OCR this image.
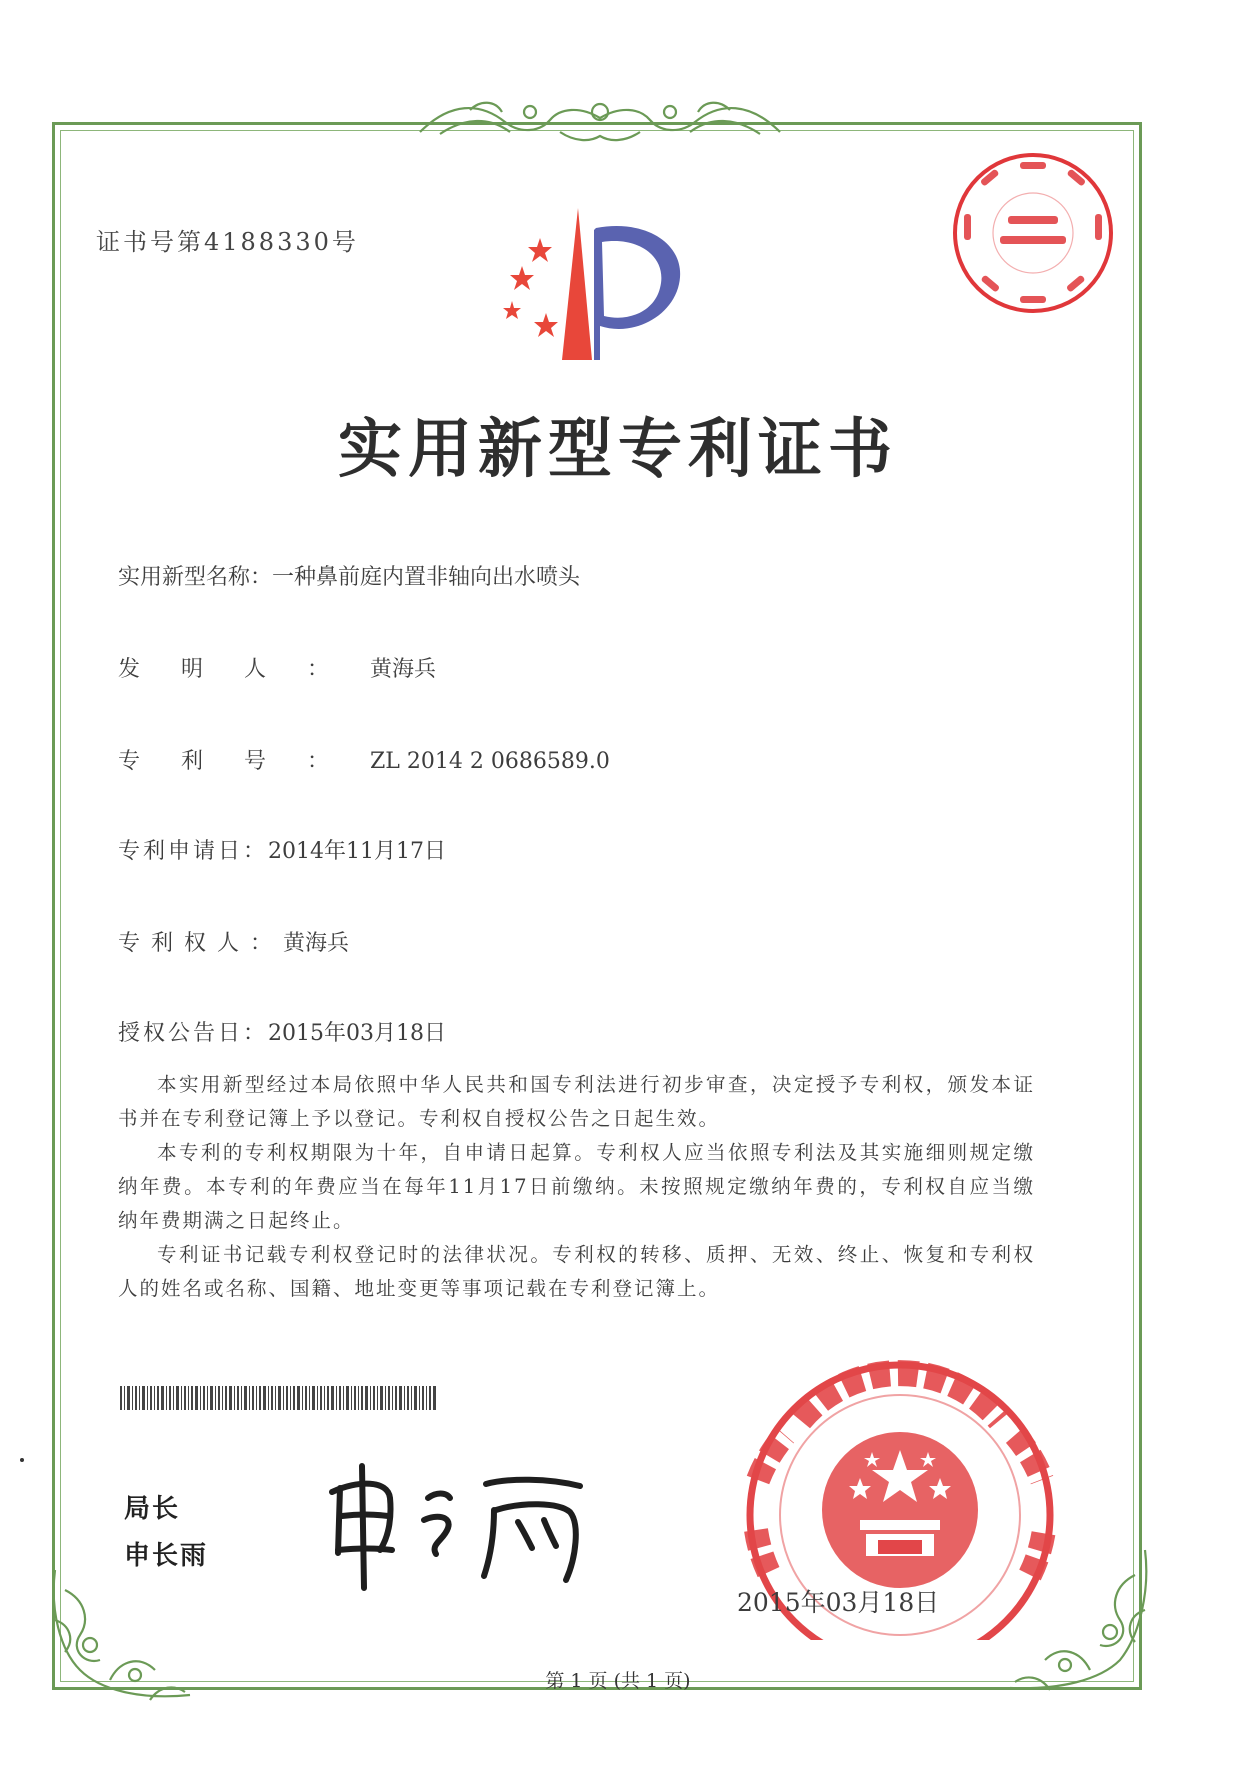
证书号第4188330号
实用新型专利证书
实用新型名称：一种鼻前庭内置非轴向出水喷头
发明人：黄海兵
专利号：ZL 2014 2 0686589.0
专利申请日：2014年11月17日
专利权人：黄海兵
授权公告日：2015年03月18日

本实用新型经过本局依照中华人民共和国专利法进行初步审查，决定授予专利权，颁发本证书并在专利登记簿上予以登记。专利权自授权公告之日起生效。

本专利的专利权期限为十年，自申请日起算。专利权人应当依照专利法及其实施细则规定缴纳年费。本专利的年费应当在每年11月17日前缴纳。未按照规定缴纳年费的，专利权自应当缴纳年费期满之日起终止。

专利证书记载专利权登记时的法律状况。专利权的转移、质押、无效、终止、恢复和专利权人的姓名或名称、国籍、地址变更等事项记载在专利登记簿上。

局长
申长雨
2015年03月18日
第 1 页 (共 1 页)
